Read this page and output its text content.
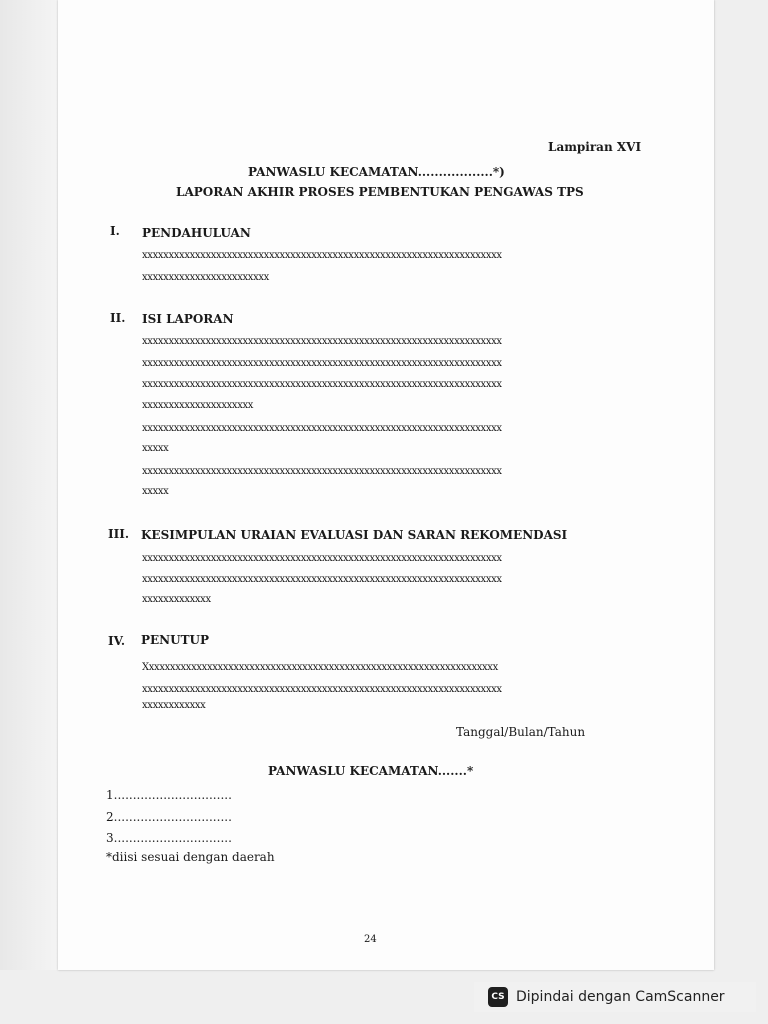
Lampiran XVI
PANWASLU KECAMATAN..................*)
LAPORAN AKHIR PROSES PEMBENTUKAN PENGAWAS TPS
I. PENDAHULUAN
xxxxxxxxxxxxxxxxxxxxxxxxxxxxxxxxxxxxxxxxxxxxxxxxxxxxxxxxxxxxxxxxxxxx
xxxxxxxxxxxxxxxxxxxxxxxx
II. ISI LAPORAN
xxxxxxxxxxxxxxxxxxxxxxxxxxxxxxxxxxxxxxxxxxxxxxxxxxxxxxxxxxxxxxxxxxxx
xxxxxxxxxxxxxxxxxxxxxxxxxxxxxxxxxxxxxxxxxxxxxxxxxxxxxxxxxxxxxxxxxxxx
xxxxxxxxxxxxxxxxxxxxxxxxxxxxxxxxxxxxxxxxxxxxxxxxxxxxxxxxxxxxxxxxxxxx
xxxxxxxxxxxxxxxxxxxxx
xxxxxxxxxxxxxxxxxxxxxxxxxxxxxxxxxxxxxxxxxxxxxxxxxxxxxxxxxxxxxxxxxxxx
xxxxx
xxxxxxxxxxxxxxxxxxxxxxxxxxxxxxxxxxxxxxxxxxxxxxxxxxxxxxxxxxxxxxxxxxxx
xxxxx
III. KESIMPULAN URAIAN EVALUASI DAN SARAN REKOMENDASI
xxxxxxxxxxxxxxxxxxxxxxxxxxxxxxxxxxxxxxxxxxxxxxxxxxxxxxxxxxxxxxxxxxxx
xxxxxxxxxxxxxxxxxxxxxxxxxxxxxxxxxxxxxxxxxxxxxxxxxxxxxxxxxxxxxxxxxxxx
xxxxxxxxxxxxx
IV. PENUTUP
Xxxxxxxxxxxxxxxxxxxxxxxxxxxxxxxxxxxxxxxxxxxxxxxxxxxxxxxxxxxxxxxxxxx
xxxxxxxxxxxxxxxxxxxxxxxxxxxxxxxxxxxxxxxxxxxxxxxxxxxxxxxxxxxxxxxxxxxx
xxxxxxxxxxxx
Tanggal/Bulan/Tahun
PANWASLU KECAMATAN.......*
1...............................
2...............................
3...............................
*diisi sesuai dengan daerah
24
CS Dipindai dengan CamScanner
